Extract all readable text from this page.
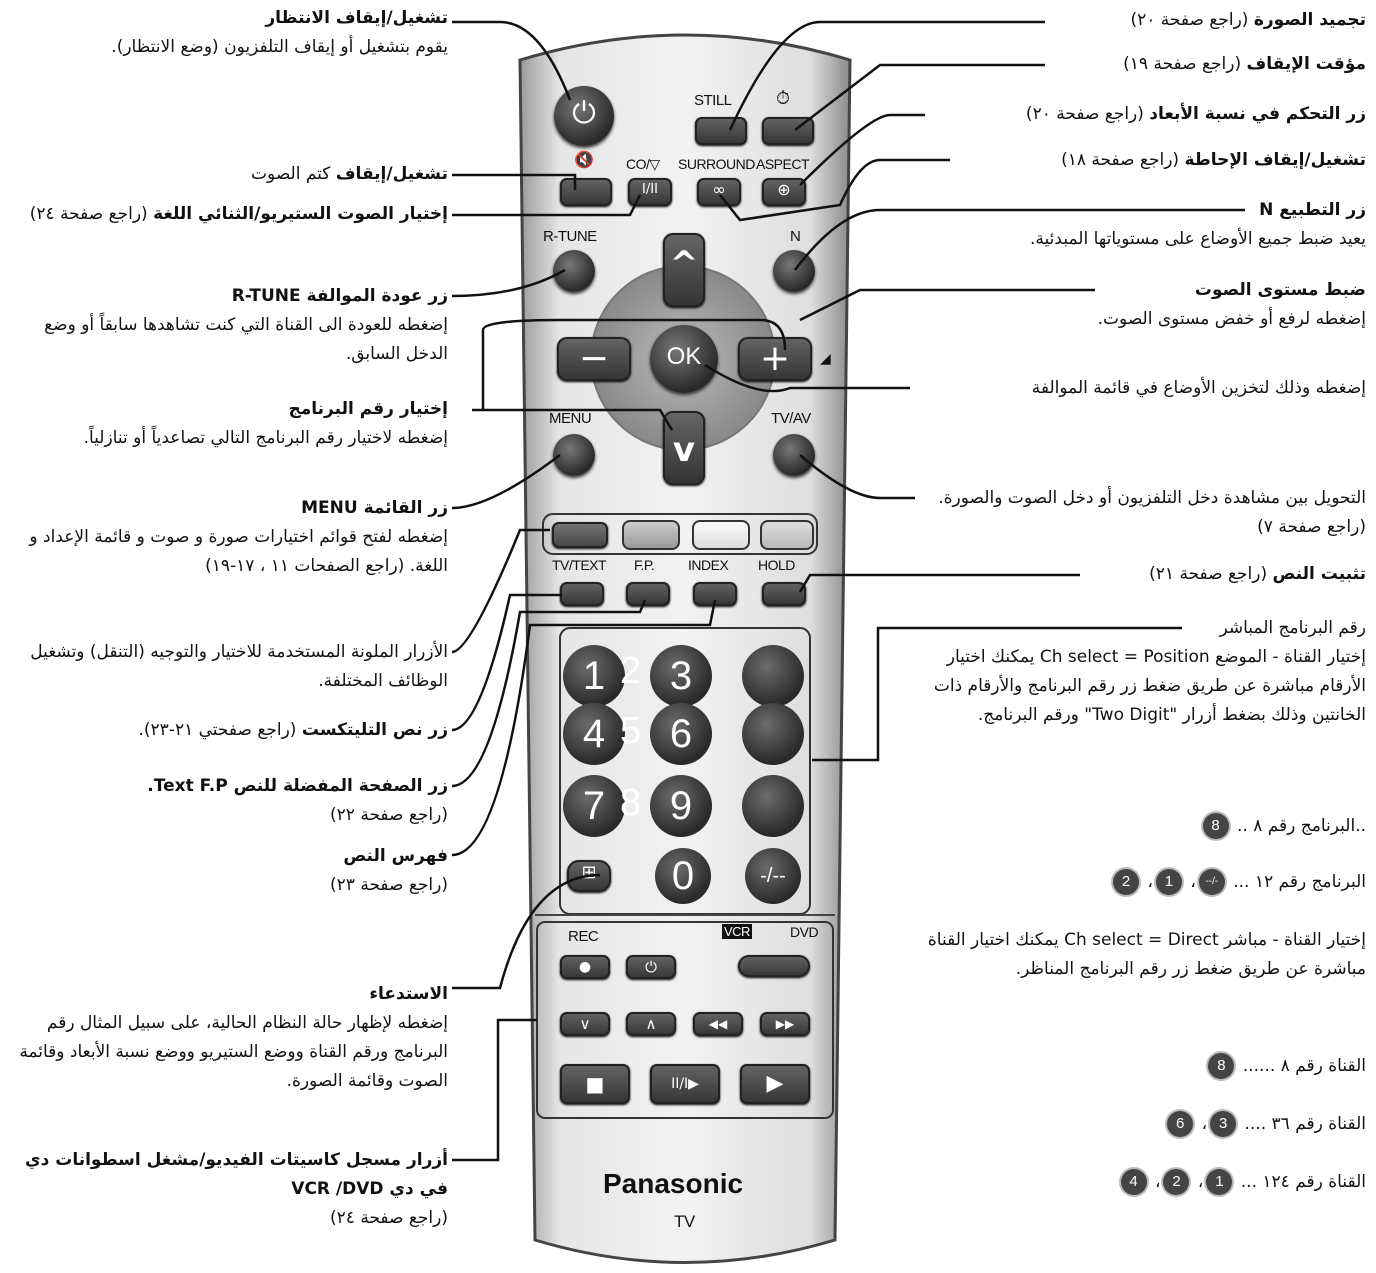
⏻	STILL ⏱
🔇 CO/▽ SURROUND ASPECT
I/II	∞	⊕
R-TUNE	N
^
−	OK	+	◢
v
MENU	TV/AV
TV/TEXT F.P. INDEX HOLD
1	3
4	6
7	9
2
5
8
0	-/--
⊞
REC	VCR	DVD
●	⏻
∨	∧	◀◀	▶▶
■	II/I▶	▶
Panasonic
TV
تشغيل/إيقاف الانتظار
يقوم بتشغيل أو إيقاف التلفزيون (وضع الانتظار).
تشغيل/إيقاف كتم الصوت
إختيار الصوت الستيريو/الثنائي اللغة (راجع صفحة ٢٤)
زر عودة الموالفة R-TUNE
إضغطه للعودة الى القناة التي كنت تشاهدها سابقاً أو وضع الدخل السابق.
إختيار رقم البرنامج
إضغطه لاختيار رقم البرنامج التالي تصاعدياً أو تنازلياً.
زر القائمة MENU
إضغطه لفتح قوائم اختيارات صورة و صوت و قائمة الإعداد و اللغة. (راجع الصفحات ١١ ، ١٧-١٩)
الأزرار الملونة المستخدمة للاختيار والتوجيه (التنقل) وتشغيل الوظائف المختلفة.
زر نص التليتكست (راجع صفحتي ٢١-٢٣).
زر الصفحة المفضلة للنص Text F.P.
(راجع صفحة ٢٢)
فهرس النص
(راجع صفحة ٢٣)
الاستدعاء
إضغطه لإظهار حالة النظام الحالية، على سبيل المثال رقم البرنامج ورقم القناة ووضع الستيريو ووضع نسبة الأبعاد وقائمة الصوت وقائمة الصورة.
أزرار مسجل كاسيتات الفيديو/مشغل اسطوانات دي في دي VCR /DVD
(راجع صفحة ٢٤)
تجميد الصورة (راجع صفحة ٢٠)
مؤقت الإيقاف (راجع صفحة ١٩)
زر التحكم في نسبة الأبعاد (راجع صفحة ٢٠)
تشغيل/إيقاف الإحاطة (راجع صفحة ١٨)
زر التطبيع N
يعيد ضبط جميع الأوضاع على مستوياتها المبدئية.
ضبط مستوى الصوت
إضغطه لرفع أو خفض مستوى الصوت.
إضغطه وذلك لتخزين الأوضاع في قائمة الموالفة
التحويل بين مشاهدة دخل التلفزيون أو دخل الصوت والصورة. (راجع صفحة ٧)
تثبيت النص (راجع صفحة ٢١)
رقم البرنامج المباشر
إختيار القناة - الموضع Ch select = Position يمكنك اختيار الأرقام مباشرة عن طريق ضغط زر رقم البرنامج والأرقام ذات الخانتين وذلك بضغط أزرار "Two Digit" ورقم البرنامج.
..البرنامج رقم ٨ .. 8
البرنامج رقم ١٢ ... -/--، 1، 2
إختيار القناة - مباشر Ch select = Direct يمكنك اختيار القناة مباشرة عن طريق ضغط زر رقم البرنامج المناظر.
القناة رقم ٨ ...... 8
القناة رقم ٣٦ .... 3، 6
القناة رقم ١٢٤ ... 1، 2، 4
